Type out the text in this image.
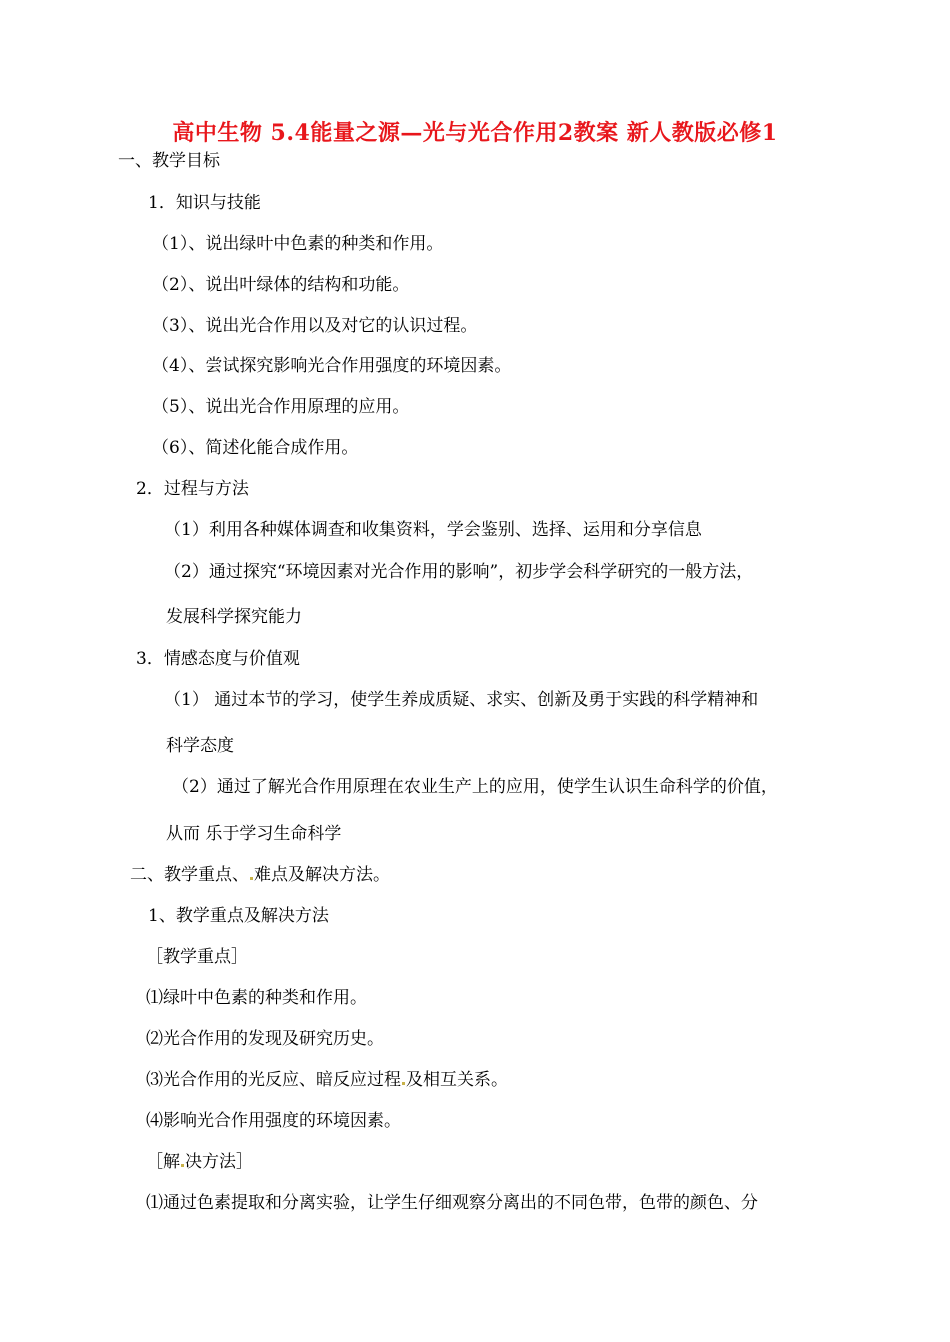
高中生物 5.4能量之源—光与光合作用2教案 新人教版必修1
一、教学目标
1．知识与技能
（1）、说出绿叶中色素的种类和作用。
（2）、说出叶绿体的结构和功能。
（3）、说出光合作用以及对它的认识过程。
（4）、尝试探究影响光合作用强度的环境因素。
（5）、说出光合作用原理的应用。
（6）、简述化能合成作用。
2．过程与方法
（1）利用各种媒体调查和收集资料，学会鉴别、选择、运用和分享信息
（2）通过探究“环境因素对光合作用的影响”，初步学会科学研究的一般方法，
发展科学探究能力
3．情感态度与价值观
（1） 通过本节的学习，使学生养成质疑、求实、创新及勇于实践的科学精神和
科学态度
（2）通过了解光合作用原理在农业生产上的应用，使学生认识生命科学的价值，
从而 乐于学习生命科学
二、教学重点、 难点及解决方法。
1、教学重点及解决方法
［教学重点］
⑴绿叶中色素的种类和作用。
⑵光合作用的发现及研究历史。
⑶光合作用的光反应、暗反应过程 及相互关系。
⑷影响光合作用强度的环境因素。
［解 决方法］
⑴通过色素提取和分离实验，让学生仔细观察分离出的不同色带，色带的颜色、分
